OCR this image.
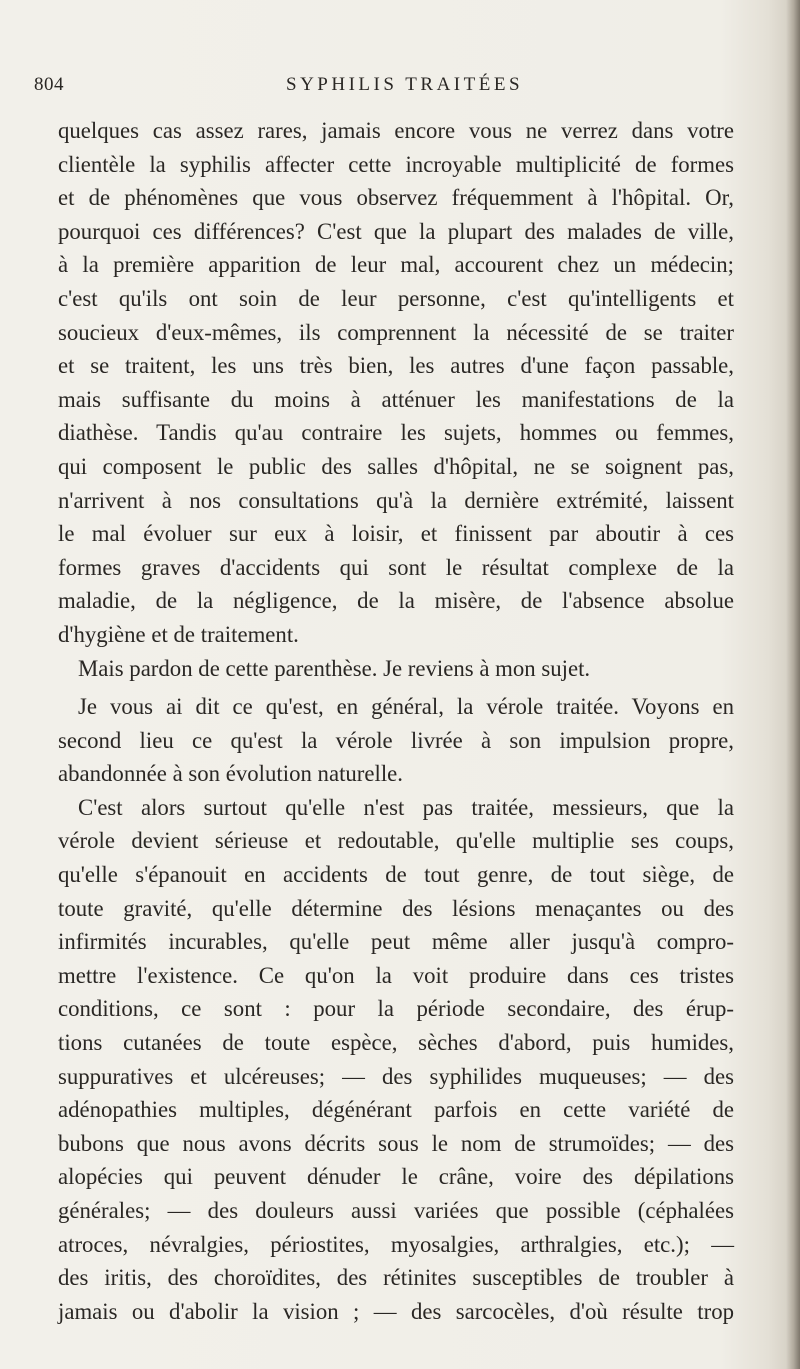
804	SYPHILIS TRAITÉES
quelques cas assez rares, jamais encore vous ne verrez dans votre
clientèle la syphilis affecter cette incroyable multiplicité de formes
et de phénomènes que vous observez fréquemment à l'hôpital. Or,
pourquoi ces différences? C'est que la plupart des malades de ville,
à la première apparition de leur mal, accourent chez un médecin;
c'est qu'ils ont soin de leur personne, c'est qu'intelligents et
soucieux d'eux-mêmes, ils comprennent la nécessité de se traiter
et se traitent, les uns très bien, les autres d'une façon passable,
mais suffisante du moins à atténuer les manifestations de la
diathèse. Tandis qu'au contraire les sujets, hommes ou femmes,
qui composent le public des salles d'hôpital, ne se soignent pas,
n'arrivent à nos consultations qu'à la dernière extrémité, laissent
le mal évoluer sur eux à loisir, et finissent par aboutir à ces
formes graves d'accidents qui sont le résultat complexe de la
maladie, de la négligence, de la misère, de l'absence absolue
d'hygiène et de traitement.
Mais pardon de cette parenthèse. Je reviens à mon sujet.
Je vous ai dit ce qu'est, en général, la vérole traitée. Voyons en
second lieu ce qu'est la vérole livrée à son impulsion propre,
abandonnée à son évolution naturelle.
C'est alors surtout qu'elle n'est pas traitée, messieurs, que la
vérole devient sérieuse et redoutable, qu'elle multiplie ses coups,
qu'elle s'épanouit en accidents de tout genre, de tout siège, de
toute gravité, qu'elle détermine des lésions menaçantes ou des
infirmités incurables, qu'elle peut même aller jusqu'à compro-
mettre l'existence. Ce qu'on la voit produire dans ces tristes
conditions, ce sont : pour la période secondaire, des érup-
tions cutanées de toute espèce, sèches d'abord, puis humides,
suppuratives et ulcéreuses; — des syphilides muqueuses; — des
adénopathies multiples, dégénérant parfois en cette variété de
bubons que nous avons décrits sous le nom de strumoïdes; — des
alopécies qui peuvent dénuder le crâne, voire des dépilations
générales; — des douleurs aussi variées que possible (céphalées
atroces, névralgies, périostites, myosalgies, arthralgies, etc.); —
des iritis, des choroïdites, des rétinites susceptibles de troubler à
jamais ou d'abolir la vision ; — des sarcocèles, d'où résulte trop
